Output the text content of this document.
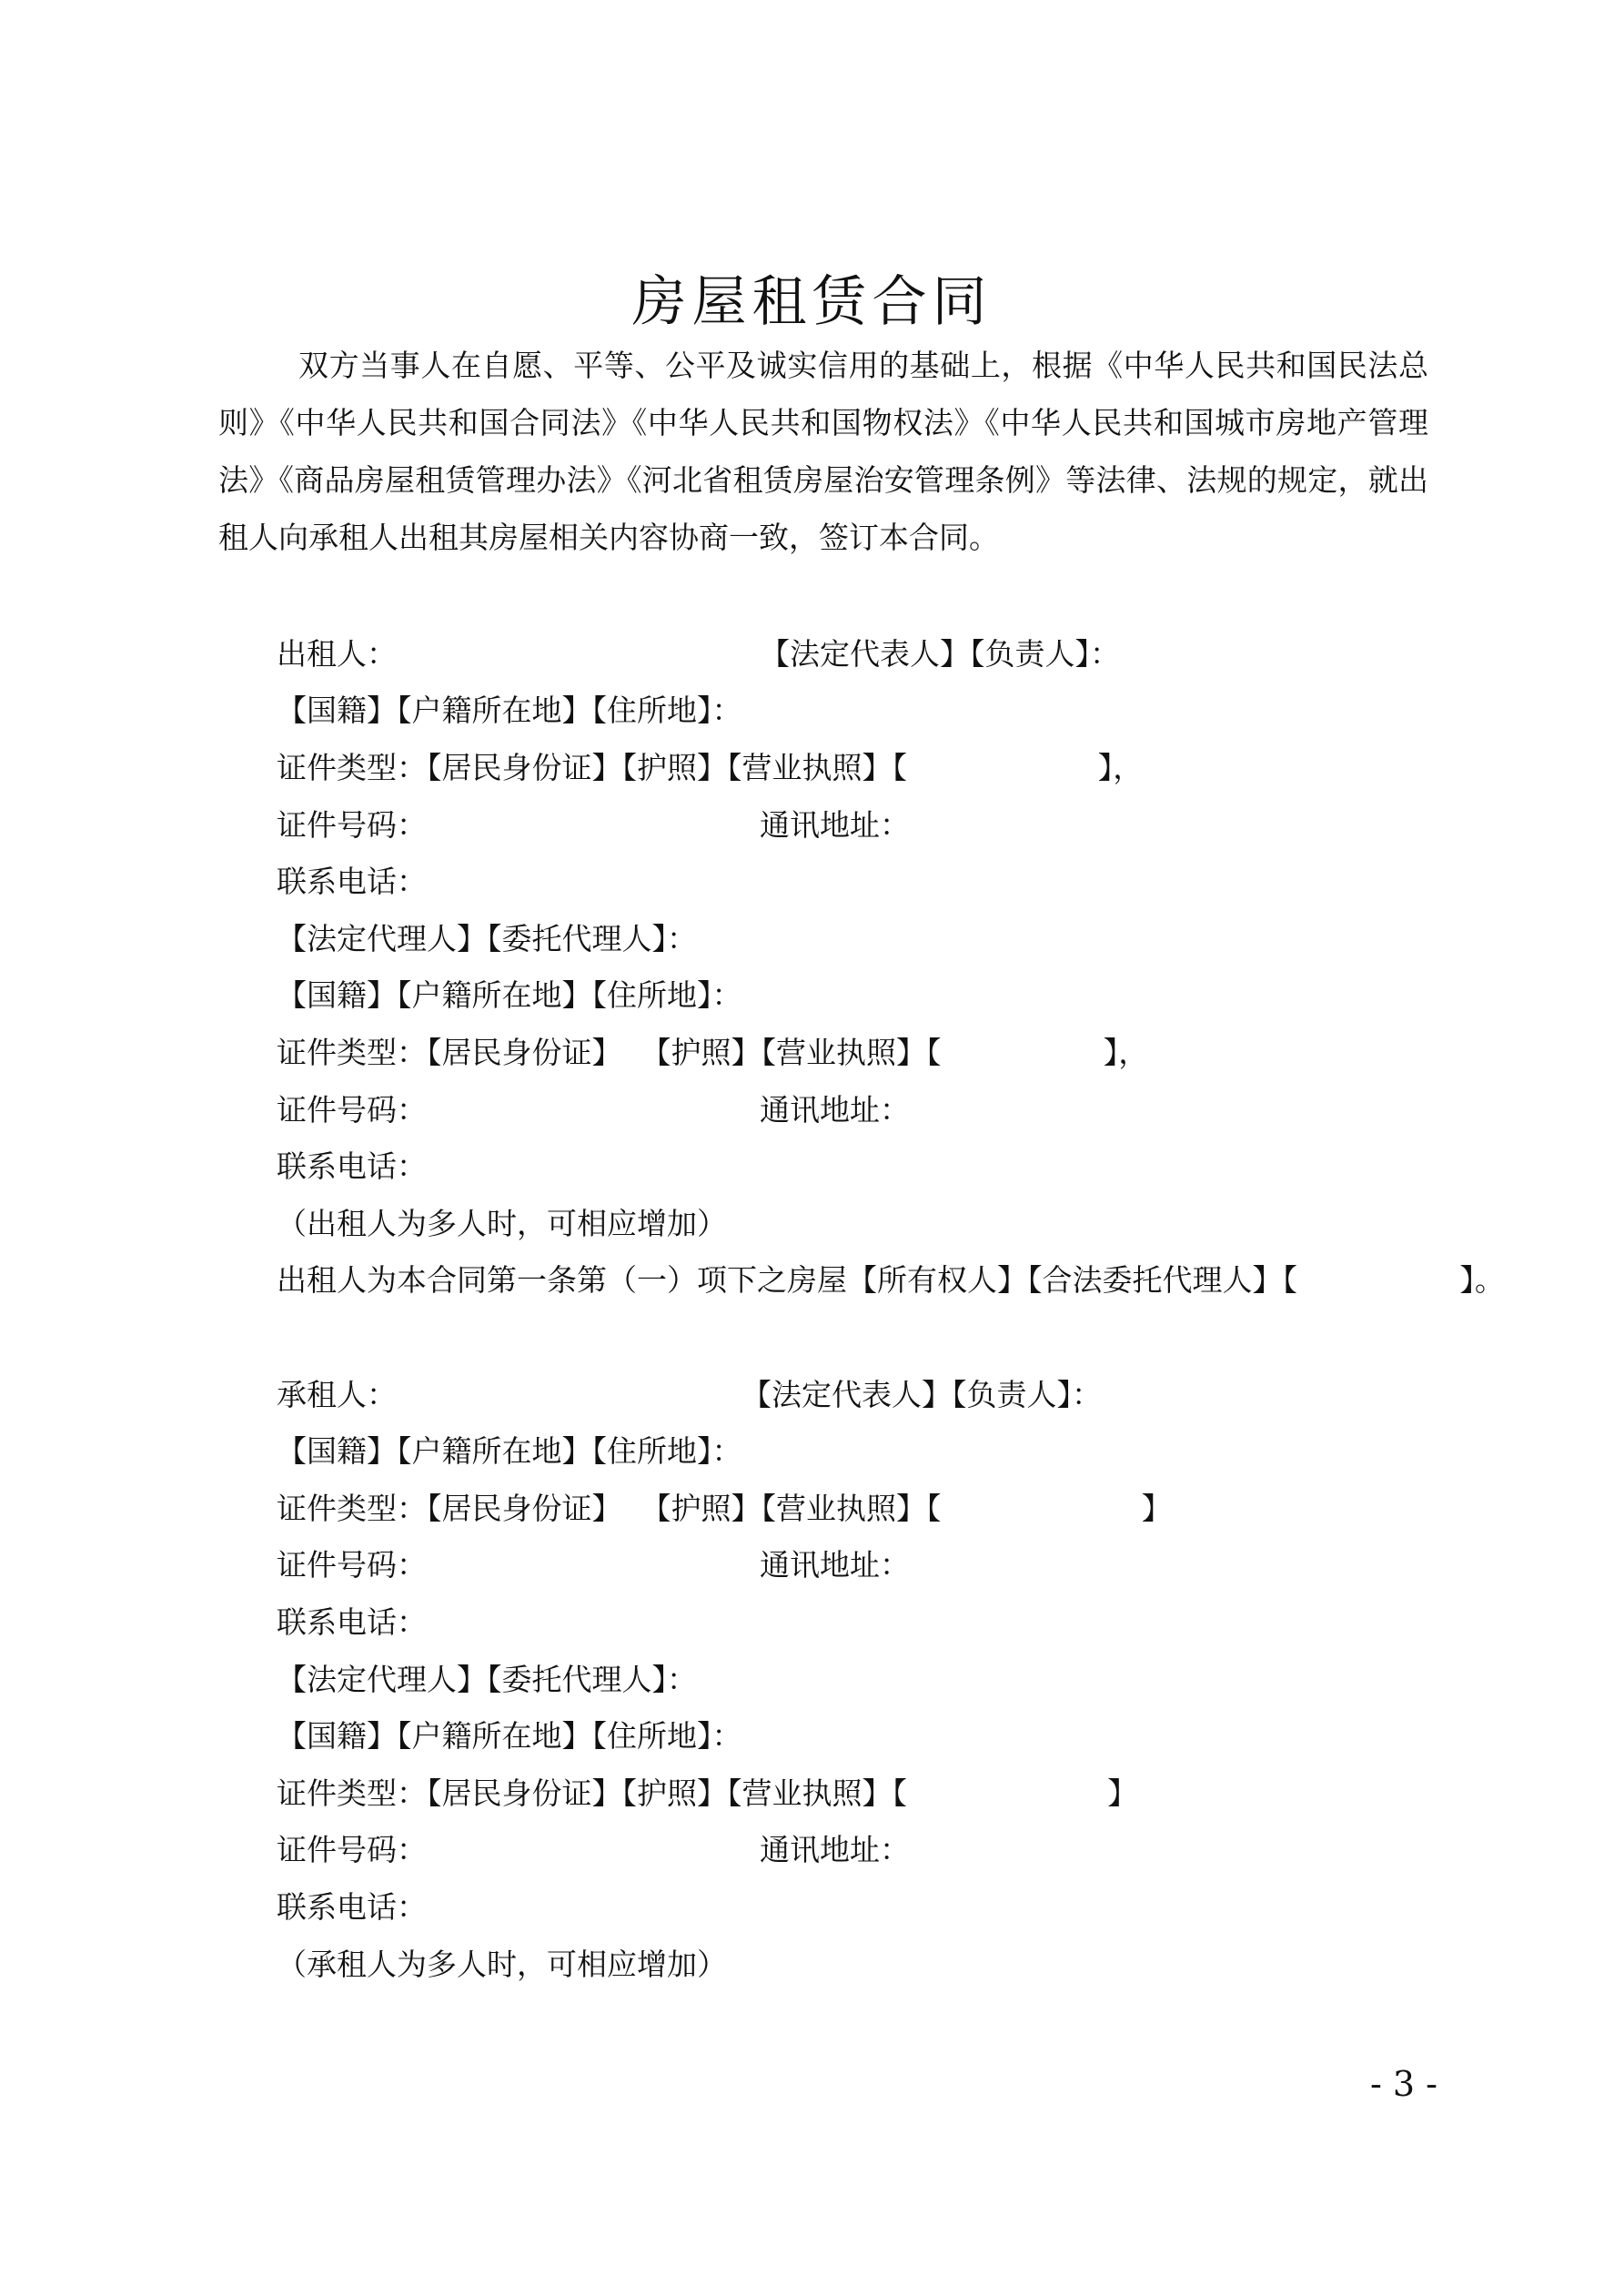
房屋租赁合同

双方当事人在自愿、平等、公平及诚实信用的基础上，根据《中华人民共和国民法总则》《中华人民共和国合同法》《中华人民共和国物权法》《中华人民共和国城市房地产管理法》《商品房屋租赁管理办法》《河北省租赁房屋治安管理条例》等法律、法规的规定，就出租人向承租人出租其房屋相关内容协商一致，签订本合同。

出租人：	【法定代表人】【负责人】：
【国籍】【户籍所在地】【住所地】：
证件类型：【居民身份证】【护照】【营业执照】【                    】，
证件号码：	通讯地址：
联系电话：
【法定代理人】【委托代理人】：
【国籍】【户籍所在地】【住所地】：
证件类型：【居民身份证】  【护照】【营业执照】【                 】，
证件号码：	通讯地址：
联系电话：
（出租人为多人时，可相应增加）
出租人为本合同第一条第（一）项下之房屋【所有权人】【合法委托代理人】【                 】。
承租人：	【法定代表人】【负责人】：
【国籍】【户籍所在地】【住所地】：
证件类型：【居民身份证】  【护照】【营业执照】【                     】
证件号码：	通讯地址：
联系电话：
【法定代理人】【委托代理人】：
【国籍】【户籍所在地】【住所地】：
证件类型：【居民身份证】【护照】【营业执照】【                     】
证件号码：	通讯地址：
联系电话：
（承租人为多人时，可相应增加）
- 3 -
